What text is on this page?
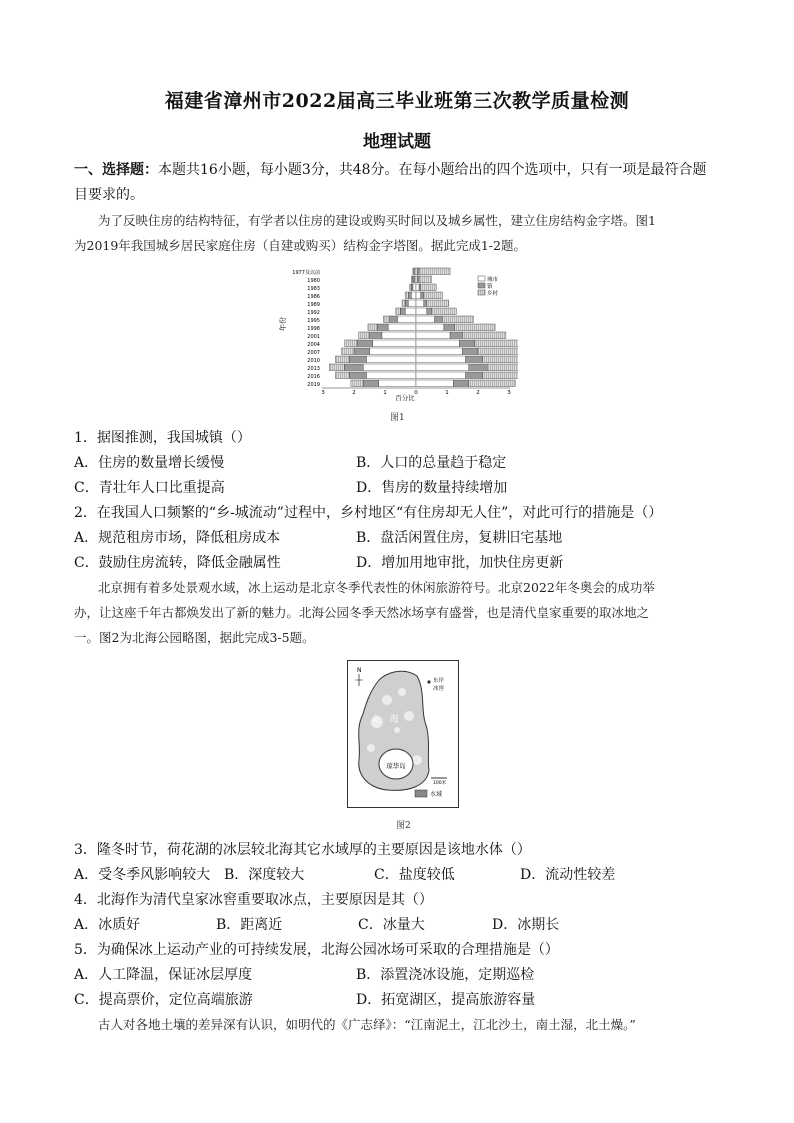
福建省漳州市2022届高三毕业班第三次教学质量检测
地理试题
一、选择题：本题共16小题，每小题3分，共48分。在每小题给出的四个选项中，只有一项是最符合题
目要求的。
为了反映住房的结构特征，有学者以住房的建设或购买时间以及城乡属性，建立住房结构金字塔。图1
为2019年我国城乡居民家庭住房（自建或购买）结构金字塔图。据此完成1-2题。
1977及以前
1980
1983
1986
1989
1992
1995
1998
2001
2004
2007
2010
2013
2016
2019
3	2	1	0	1	2	3
年份
百分比
城市
镇
乡村
图1
1．据图推测，我国城镇（）
A．住房的数量增长缓慢	B．人口的总量趋于稳定
C．青壮年人口比重提高	D．售房的数量持续增加
2．在我国人口频繁的“乡-城流动”过程中，乡村地区“有住房却无人住”，对此可行的措施是（）
A．规范租房市场，降低租房成本	B．盘活闲置住房，复耕旧宅基地
C．鼓励住房流转，降低金融属性	D．增加用地审批，加快住房更新
北京拥有着多处景观水域，冰上运动是北京冬季代表性的休闲旅游符号。北京2022年冬奥会的成功举
办，让这座千年古都焕发出了新的魅力。北海公园冬季天然冰场享有盛誉，也是清代皇家重要的取冰地之
一。图2为北海公园略图，据此完成3-5题。
琼华岛
北　海
N
东岸
冰窖
100米
水域
图2
3．隆冬时节，荷花湖的冰层较北海其它水域厚的主要原因是该地水体（）
A．受冬季风影响较大 B．深度较大	C．盐度较低	D．流动性较差
4．北海作为清代皇家冰窖重要取冰点，主要原因是其（）
A．冰质好	B．距离近	C．冰量大	D．冰期长
5．为确保冰上运动产业的可持续发展，北海公园冰场可采取的合理措施是（）
A．人工降温，保证冰层厚度	B．添置浇冰设施，定期巡检
C．提高票价，定位高端旅游	D．拓宽湖区，提高旅游容量
古人对各地土壤的差异深有认识，如明代的《广志绎》：“江南泥土，江北沙土，南土湿，北土燥。”
